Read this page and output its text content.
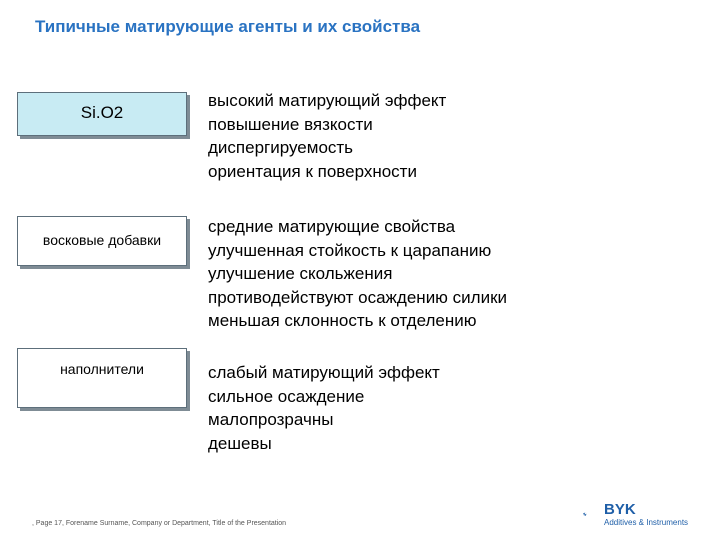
Типичные матирующие агенты и их свойства
Si.O2
высокий матирующий эффект
повышение вязкости
диспергируемость
ориентация к поверхности
восковые добавки
средние матирующие свойства
улучшенная стойкость к царапанию
улучшение скольжения
противодействуют осаждению силики
меньшая склонность к отделению
наполнители	слабый матирующий эффект
сильное осаждение
малопрозрачны
дешевы
, Page 17, Forename Surname, Company or Department, Title of the Presentation
BYK
Additives & Instruments
